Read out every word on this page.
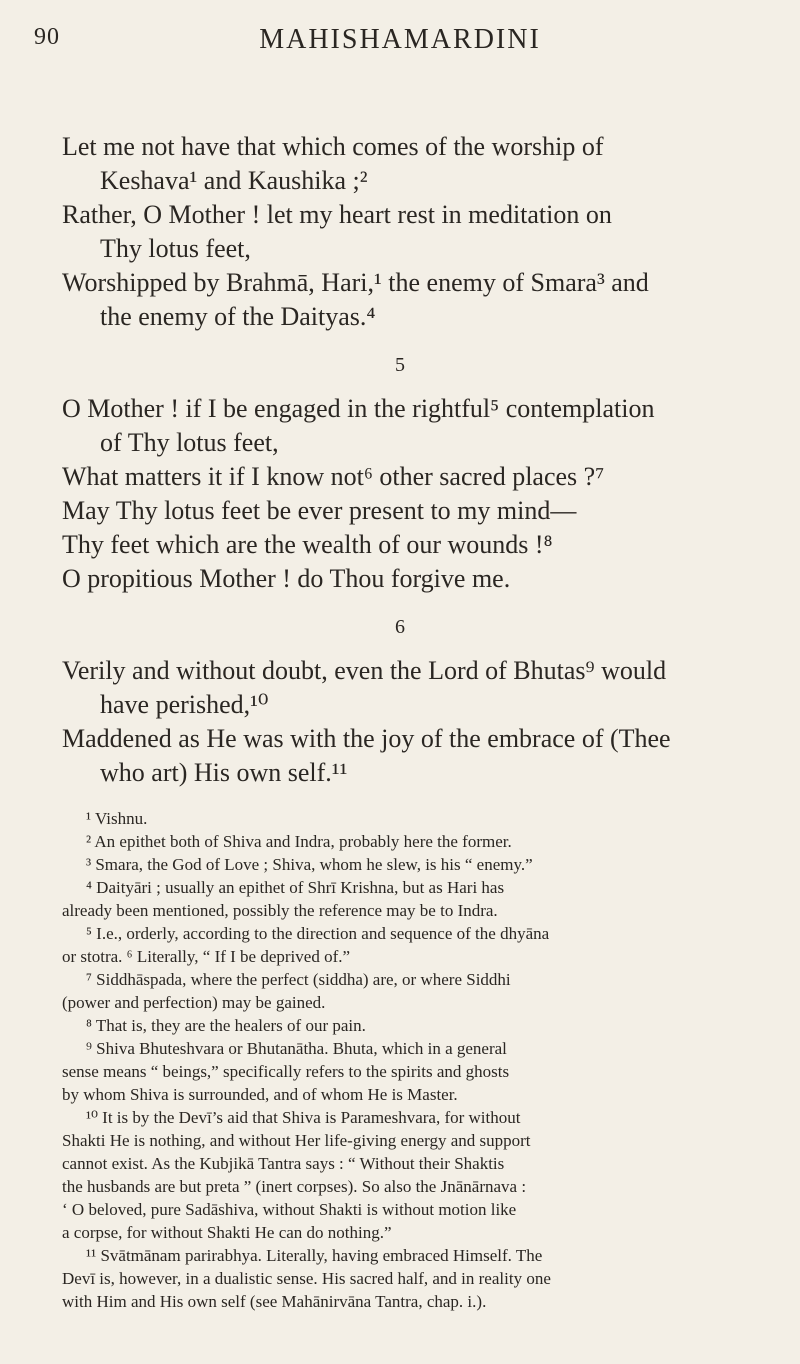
90	MAHISHAMARDINI
Let me not have that which comes of the worship of
Keshava¹ and Kaushika ;²
Rather, O Mother ! let my heart rest in meditation on
Thy lotus feet,
Worshipped by Brahmā, Hari,¹ the enemy of Smara³ and
the enemy of the Daityas.⁴
5
O Mother ! if I be engaged in the rightful⁵ contemplation
of Thy lotus feet,
What matters it if I know not⁶ other sacred places ?⁷
May Thy lotus feet be ever present to my mind—
Thy feet which are the wealth of our wounds !⁸
O propitious Mother ! do Thou forgive me.
6
Verily and without doubt, even the Lord of Bhutas⁹ would
have perished,¹⁰
Maddened as He was with the joy of the embrace of (Thee
who art) His own self.¹¹
¹ Vishnu.
² An epithet both of Shiva and Indra, probably here the former.
³ Smara, the God of Love ; Shiva, whom he slew, is his “ enemy.”
⁴ Daityāri ; usually an epithet of Shrī Krishna, but as Hari has
already been mentioned, possibly the reference may be to Indra.
⁵ I.e., orderly, according to the direction and sequence of the dhyāna
or stotra. ⁶ Literally, “ If I be deprived of.”
⁷ Siddhāspada, where the perfect (siddha) are, or where Siddhi
(power and perfection) may be gained.
⁸ That is, they are the healers of our pain.
⁹ Shiva Bhuteshvara or Bhutanātha. Bhuta, which in a general
sense means “ beings,” specifically refers to the spirits and ghosts
by whom Shiva is surrounded, and of whom He is Master.
¹⁰ It is by the Devī’s aid that Shiva is Parameshvara, for without
Shakti He is nothing, and without Her life-giving energy and support
cannot exist. As the Kubjikā Tantra says : “ Without their Shaktis
the husbands are but preta ” (inert corpses). So also the Jnānārnava :
‘ O beloved, pure Sadāshiva, without Shakti is without motion like
a corpse, for without Shakti He can do nothing.”
¹¹ Svātmānam parirabhya. Literally, having embraced Himself. The
Devī is, however, in a dualistic sense. His sacred half, and in reality one
with Him and His own self (see Mahānirvāna Tantra, chap. i.).
